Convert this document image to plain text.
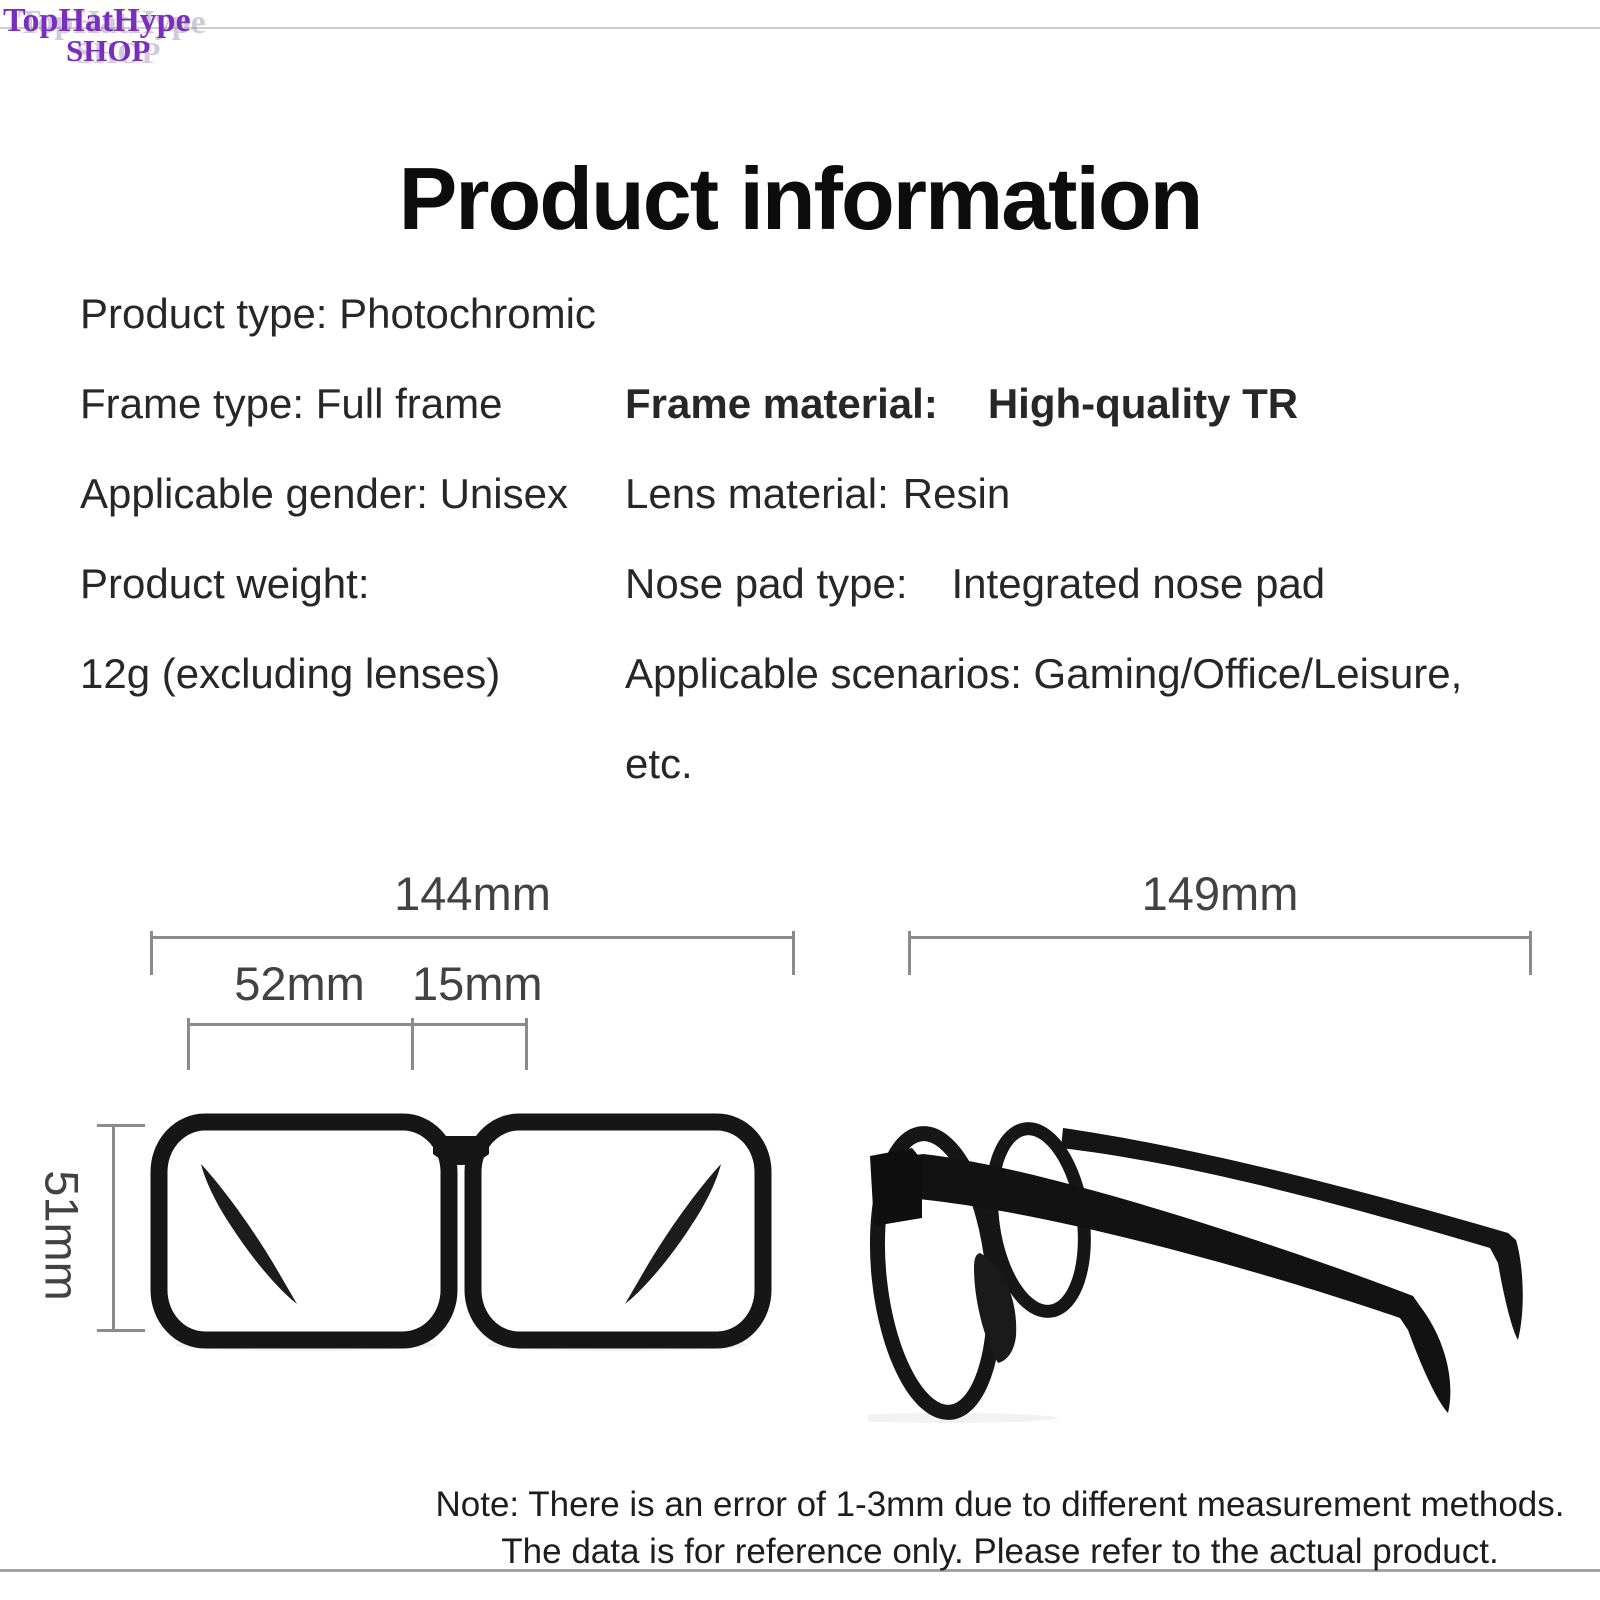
TopHatHype
SHOP
Product information
Product type: Photochromic
Frame type: Full frame
Applicable gender: Unisex
Product weight:
12g (excluding lenses)
Frame material: High-quality TR
Lens material: Resin
Nose pad type: Integrated nose pad
Applicable scenarios: Gaming/Office/Leisure,
etc.
144mm	149mm
52mm	15mm
51mm
Note: There is an error of 1-3mm due to different measurement methods.
The data is for reference only. Please refer to the actual product.
